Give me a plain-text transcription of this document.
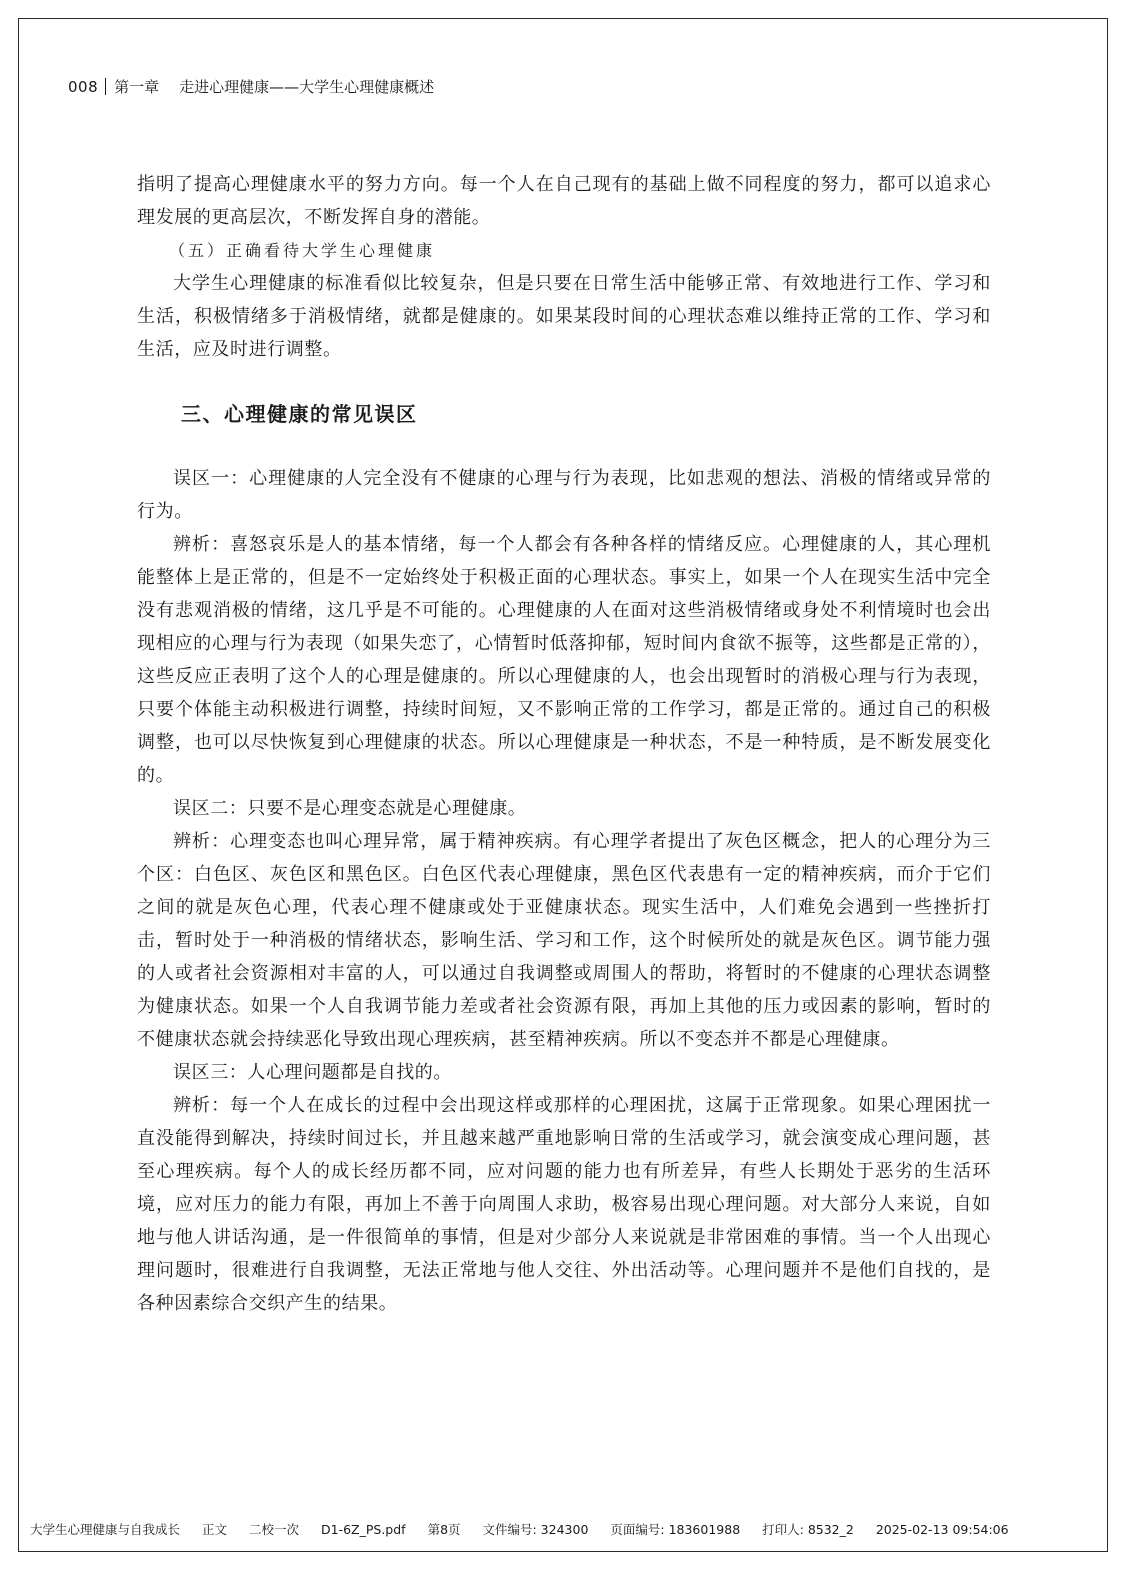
008 第一章 走进心理健康——大学生心理健康概述

指明了提高心理健康水平的努力方向。每一个人在自己现有的基础上做不同程度的努力，都可以追求心理发展的更高层次，不断发挥自身的潜能。

（五）正确看待大学生心理健康

大学生心理健康的标准看似比较复杂，但是只要在日常生活中能够正常、有效地进行工作、学习和生活，积极情绪多于消极情绪，就都是健康的。如果某段时间的心理状态难以维持正常的工作、学习和生活，应及时进行调整。

三、心理健康的常见误区

误区一：心理健康的人完全没有不健康的心理与行为表现，比如悲观的想法、消极的情绪或异常的行为。

辨析：喜怒哀乐是人的基本情绪，每一个人都会有各种各样的情绪反应。心理健康的人，其心理机能整体上是正常的，但是不一定始终处于积极正面的心理状态。事实上，如果一个人在现实生活中完全没有悲观消极的情绪，这几乎是不可能的。心理健康的人在面对这些消极情绪或身处不利情境时也会出现相应的心理与行为表现（如果失恋了，心情暂时低落抑郁，短时间内食欲不振等，这些都是正常的），这些反应正表明了这个人的心理是健康的。所以心理健康的人，也会出现暂时的消极心理与行为表现，只要个体能主动积极进行调整，持续时间短，又不影响正常的工作学习，都是正常的。通过自己的积极调整，也可以尽快恢复到心理健康的状态。所以心理健康是一种状态，不是一种特质，是不断发展变化的。

误区二：只要不是心理变态就是心理健康。

辨析：心理变态也叫心理异常，属于精神疾病。有心理学者提出了灰色区概念，把人的心理分为三个区：白色区、灰色区和黑色区。白色区代表心理健康，黑色区代表患有一定的精神疾病，而介于它们之间的就是灰色心理，代表心理不健康或处于亚健康状态。现实生活中，人们难免会遇到一些挫折打击，暂时处于一种消极的情绪状态，影响生活、学习和工作，这个时候所处的就是灰色区。调节能力强的人或者社会资源相对丰富的人，可以通过自我调整或周围人的帮助，将暂时的不健康的心理状态调整为健康状态。如果一个人自我调节能力差或者社会资源有限，再加上其他的压力或因素的影响，暂时的不健康状态就会持续恶化导致出现心理疾病，甚至精神疾病。所以不变态并不都是心理健康。

误区三：人心理问题都是自找的。

辨析：每一个人在成长的过程中会出现这样或那样的心理困扰，这属于正常现象。如果心理困扰一直没能得到解决，持续时间过长，并且越来越严重地影响日常的生活或学习，就会演变成心理问题，甚至心理疾病。每个人的成长经历都不同，应对问题的能力也有所差异，有些人长期处于恶劣的生活环境，应对压力的能力有限，再加上不善于向周围人求助，极容易出现心理问题。对大部分人来说，自如地与他人讲话沟通，是一件很简单的事情，但是对少部分人来说就是非常困难的事情。当一个人出现心理问题时，很难进行自我调整，无法正常地与他人交往、外出活动等。心理问题并不是他们自找的，是各种因素综合交织产生的结果。

大学生心理健康与自我成长 正文 二校一次 D1-6Z_PS.pdf 第8页 文件编号: 324300 页面编号: 183601988 打印人: 8532_2 2025-02-13 09:54:06
